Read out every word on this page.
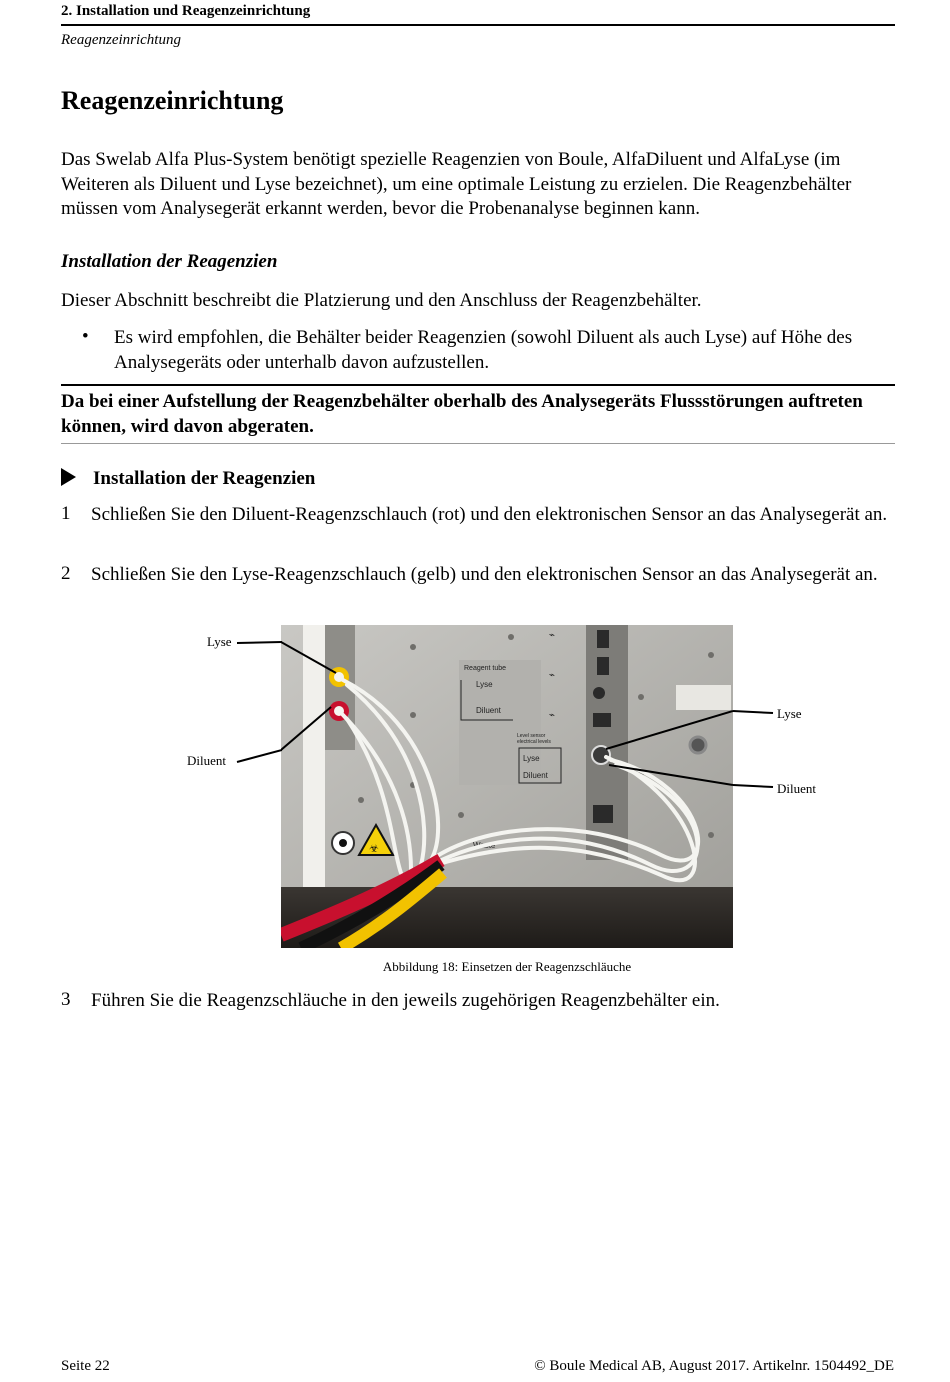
2. Installation und Reagenzeinrichtung
Reagenzeinrichtung
Reagenzeinrichtung
Das Swelab Alfa Plus-System benötigt spezielle Reagenzien von Boule, AlfaDiluent und AlfaLyse (im Weiteren als Diluent und Lyse bezeichnet), um eine optimale Leistung zu erzielen. Die Reagenzbehälter müssen vom Analysegerät erkannt werden, bevor die Probenanalyse beginnen kann.
Installation der Reagenzien
Dieser Abschnitt beschreibt die Platzierung und den Anschluss der Reagenzbehälter.
• Es wird empfohlen, die Behälter beider Reagenzien (sowohl Diluent als auch Lyse) auf Höhe des Analysegeräts oder unterhalb davon aufzustellen.
Da bei einer Aufstellung der Reagenzbehälter oberhalb des Analysegeräts Flussstörungen auftreten können, wird davon abgeraten.
Installation der Reagenzien
1 Schließen Sie den Diluent-Reagenzschlauch (rot) und den elektronischen Sensor an das Analysegerät an.
2 Schließen Sie den Lyse-Reagenzschlauch (gelb) und den elektronischen Sensor an das Analysegerät an.
Reagent tube
Lyse
Diluent
Level sensor
electrical levels
Lyse
Diluent
Waste
⌁
⌁
⌁
☣
Lyse
Diluent
Lyse
Diluent
Abbildung 18: Einsetzen der Reagenzschläuche
3 Führen Sie die Reagenzschläuche in den jeweils zugehörigen Reagenzbehälter ein.
Seite 22	© Boule Medical AB, August 2017. Artikelnr. 1504492_DE
